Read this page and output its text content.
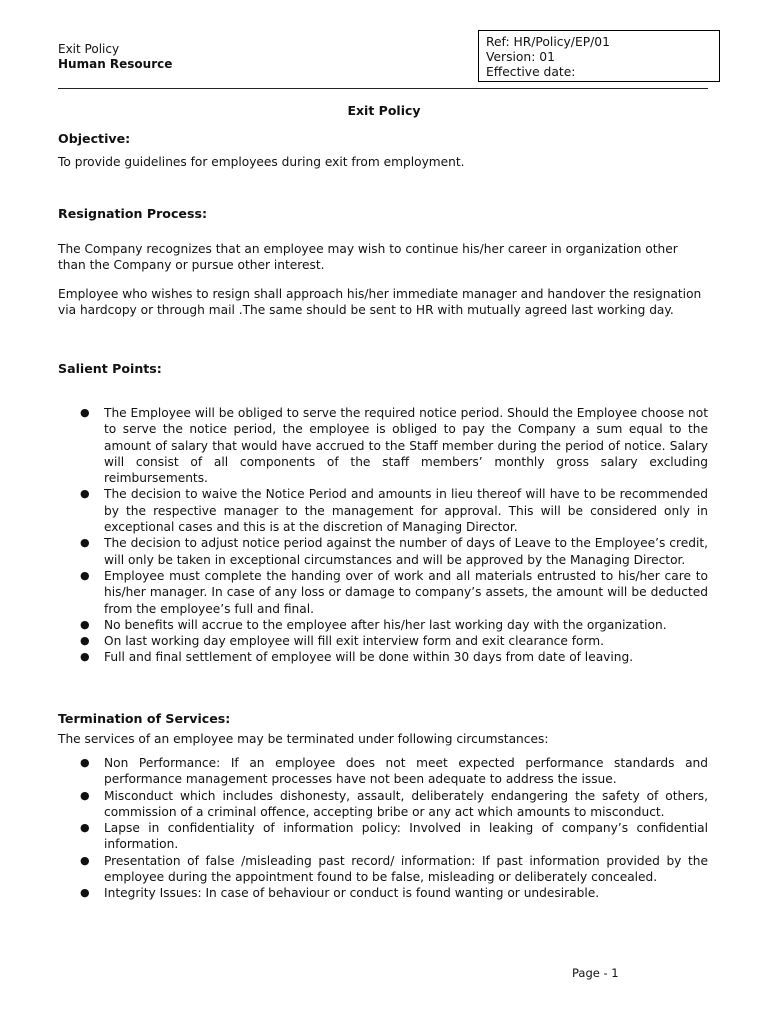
Exit Policy
Human Resource
Ref: HR/Policy/EP/01
Version: 01
Effective date:
Exit Policy
Objective:
To provide guidelines for employees during exit from employment.
Resignation Process:
The Company recognizes that an employee may wish to continue his/her career in organization other than the Company or pursue other interest.
Employee who wishes to resign shall approach his/her immediate manager and handover the resignation via hardcopy or through mail .The same should be sent to HR with mutually agreed last working day.
Salient Points:
● The Employee will be obliged to serve the required notice period. Should the Employee choose not to serve the notice period, the employee is obliged to pay the Company a sum equal to the amount of salary that would have accrued to the Staff member during the period of notice. Salary will consist of all components of the staff members’ monthly gross salary excluding reimbursements.
● The decision to waive the Notice Period and amounts in lieu thereof will have to be recommended by the respective manager to the management for approval. This will be considered only in exceptional cases and this is at the discretion of Managing Director.
● The decision to adjust notice period against the number of days of Leave to the Employee’s credit, will only be taken in exceptional circumstances and will be approved by the Managing Director.
● Employee must complete the handing over of work and all materials entrusted to his/her care to his/her manager. In case of any loss or damage to company’s assets, the amount will be deducted from the employee’s full and final.
● No benefits will accrue to the employee after his/her last working day with the organization.
● On last working day employee will fill exit interview form and exit clearance form.
● Full and final settlement of employee will be done within 30 days from date of leaving.
Termination of Services:
The services of an employee may be terminated under following circumstances:
● Non Performance: If an employee does not meet expected performance standards and performance management processes have not been adequate to address the issue.
● Misconduct which includes dishonesty, assault, deliberately endangering the safety of others, commission of a criminal offence, accepting bribe or any act which amounts to misconduct.
● Lapse in confidentiality of information policy: Involved in leaking of company’s confidential information.
● Presentation of false /misleading past record/ information: If past information provided by the employee during the appointment found to be false, misleading or deliberately concealed.
● Integrity Issues: In case of behaviour or conduct is found wanting or undesirable.
Page - 1
